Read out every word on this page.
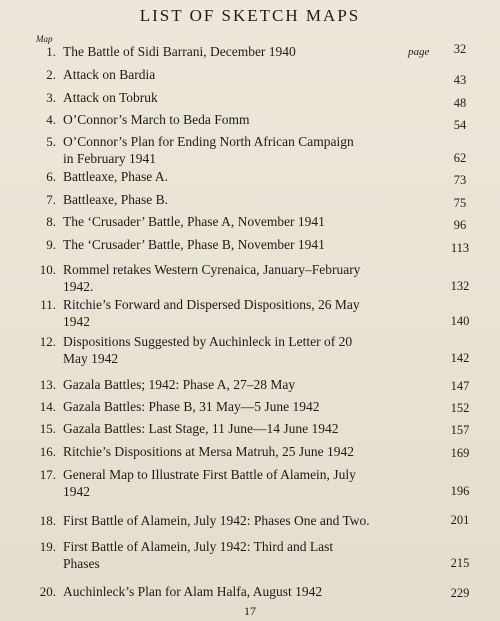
LIST OF SKETCH MAPS
Map
page
1. The Battle of Sidi Barrani, December 1940	32
2. Attack on Bardia	43
3. Attack on Tobruk	48
4. O’Connor’s March to Beda Fomm	54
5. O’Connor’s Plan for Ending North African Campaign
in February 1941	62
6. Battleaxe, Phase A.	73
7. Battleaxe, Phase B.	75
8. The ‘Crusader’ Battle, Phase A, November 1941	96
9. The ‘Crusader’ Battle, Phase B, November 1941	113
10. Rommel retakes Western Cyrenaica, January–February
1942.	132
11. Ritchie’s Forward and Dispersed Dispositions, 26 May
1942	140
12. Dispositions Suggested by Auchinleck in Letter of 20
May 1942	142
13. Gazala Battles; 1942: Phase A, 27–28 May	147
14. Gazala Battles: Phase B, 31 May—5 June 1942	152
15. Gazala Battles: Last Stage, 11 June—14 June 1942	157
16. Ritchie’s Dispositions at Mersa Matruh, 25 June 1942	169
17. General Map to Illustrate First Battle of Alamein, July
1942	196
18. First Battle of Alamein, July 1942: Phases One and Two.	201
19. First Battle of Alamein, July 1942: Third and Last
Phases	215
20. Auchinleck’s Plan for Alam Halfa, August 1942	229
17
